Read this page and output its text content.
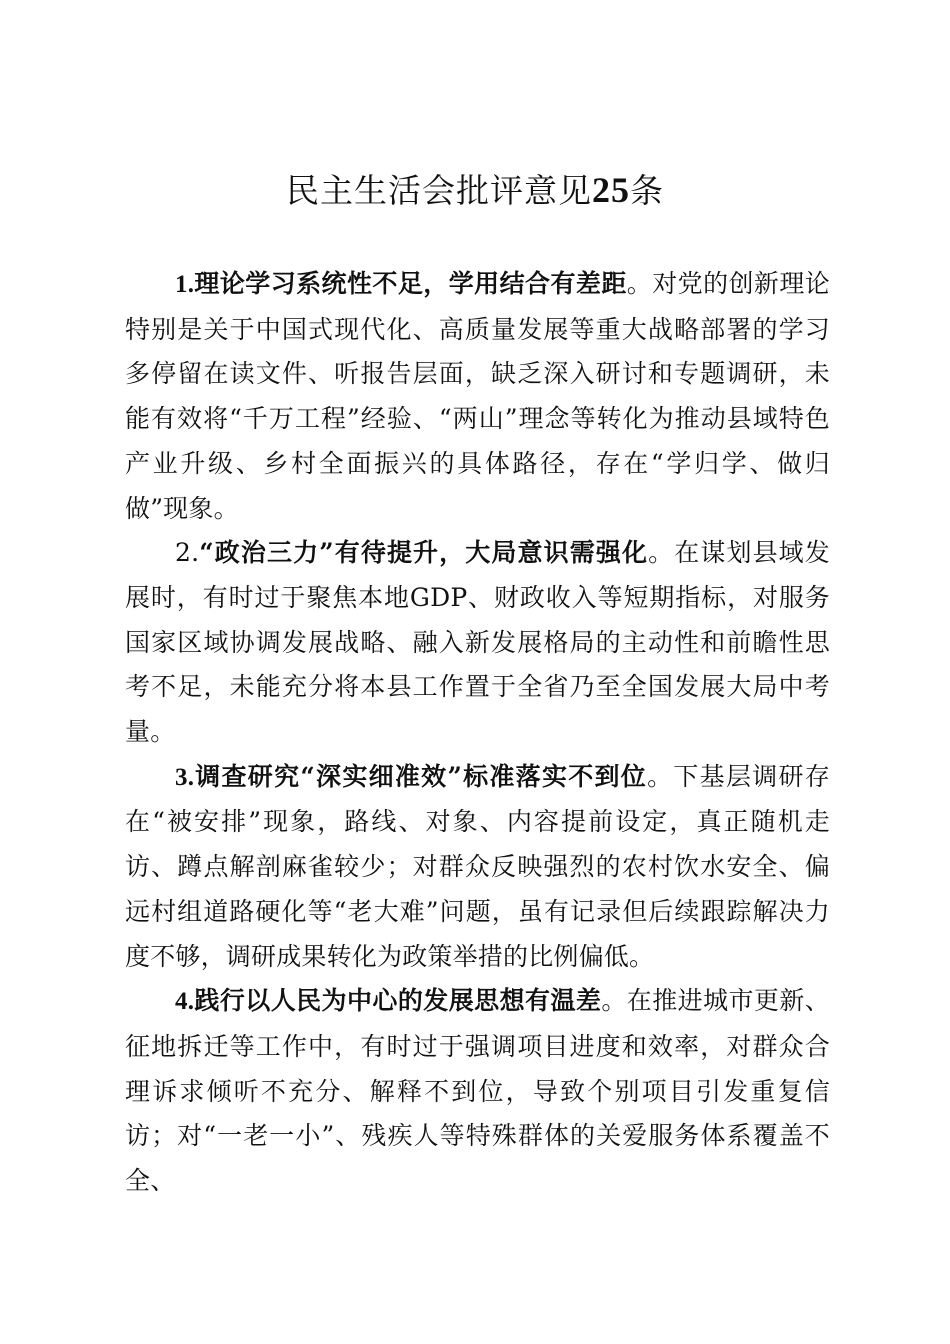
民主生活会批评意见25条

1.理论学习系统性不足，学用结合有差距。对党的创新理论特别是关于中国式现代化、高质量发展等重大战略部署的学习多停留在读文件、听报告层面，缺乏深入研讨和专题调研，未能有效将“千万工程”经验、“两山”理念等转化为推动县域特色产业升级、乡村全面振兴的具体路径，存在“学归学、做归做”现象。

2.“政治三力”有待提升，大局意识需强化。在谋划县域发展时，有时过于聚焦本地GDP、财政收入等短期指标，对服务国家区域协调发展战略、融入新发展格局的主动性和前瞻性思考不足，未能充分将本县工作置于全省乃至全国发展大局中考量。

3.调查研究“深实细准效”标准落实不到位。下基层调研存在“被安排”现象，路线、对象、内容提前设定，真正随机走访、蹲点解剖麻雀较少；对群众反映强烈的农村饮水安全、偏远村组道路硬化等“老大难”问题，虽有记录但后续跟踪解决力度不够，调研成果转化为政策举措的比例偏低。

4.践行以人民为中心的发展思想有温差。在推进城市更新、征地拆迁等工作中，有时过于强调项目进度和效率，对群众合理诉求倾听不充分、解释不到位，导致个别项目引发重复信访；对“一老一小”、残疾人等特殊群体的关爱服务体系覆盖不全、
